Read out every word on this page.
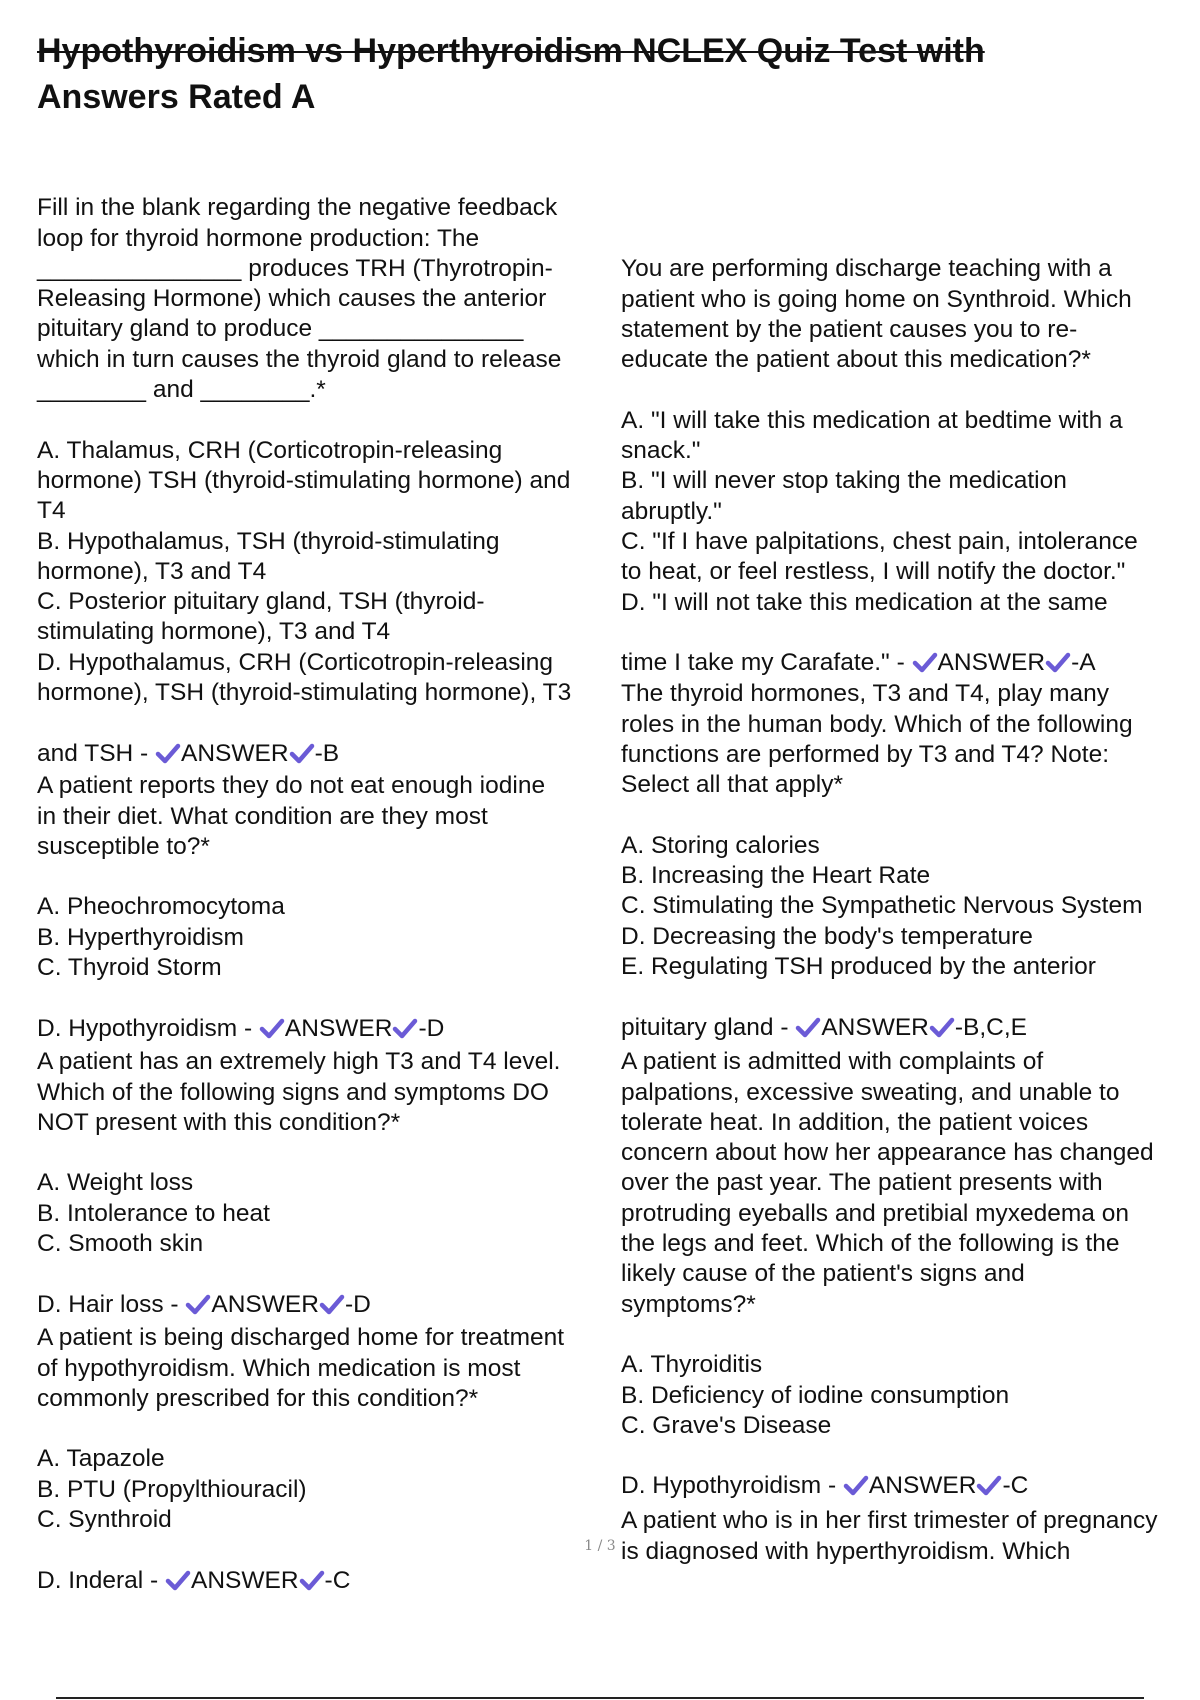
Hypothyroidism vs Hyperthyroidism NCLEX Quiz Test with
Answers Rated A

Fill in the blank regarding the negative feedback
loop for thyroid hormone production: The
_______________ produces TRH (Thyrotropin-
Releasing Hormone) which causes the anterior
pituitary gland to produce _______________
which in turn causes the thyroid gland to release
________ and ________.*

A. Thalamus, CRH (Corticotropin-releasing
hormone) TSH (thyroid-stimulating hormone) and
T4
B. Hypothalamus, TSH (thyroid-stimulating
hormone), T3 and T4
C. Posterior pituitary gland, TSH (thyroid-
stimulating hormone), T3 and T4
D. Hypothalamus, CRH (Corticotropin-releasing
hormone), TSH (thyroid-stimulating hormone), T3

and TSH -
ANSWER -B

A patient reports they do not eat enough iodine
in their diet. What condition are they most
susceptible to?*

A. Pheochromocytoma
B. Hyperthyroidism
C. Thyroid Storm

D. Hypothyroidism -
ANSWER -D

A patient has an extremely high T3 and T4 level.
Which of the following signs and symptoms DO
NOT present with this condition?*

A. Weight loss
B. Intolerance to heat
C. Smooth skin

D. Hair loss -
ANSWER -D

A patient is being discharged home for treatment
of hypothyroidism. Which medication is most
commonly prescribed for this condition?*

A. Tapazole
B. PTU (Propylthiouracil)
C. Synthroid

D. Inderal -
ANSWER -C

You are performing discharge teaching with a
patient who is going home on Synthroid. Which
statement by the patient causes you to re-
educate the patient about this medication?*

A. "I will take this medication at bedtime with a
snack."
B. "I will never stop taking the medication
abruptly."
C. "If I have palpitations, chest pain, intolerance
to heat, or feel restless, I will notify the doctor."
D. "I will not take this medication at the same

time I take my Carafate." -
ANSWER -A

The thyroid hormones, T3 and T4, play many
roles in the human body. Which of the following
functions are performed by T3 and T4? Note:
Select all that apply*

A. Storing calories
B. Increasing the Heart Rate
C. Stimulating the Sympathetic Nervous System
D. Decreasing the body's temperature
E. Regulating TSH produced by the anterior

pituitary gland -
ANSWER -B,C,E

A patient is admitted with complaints of
palpations, excessive sweating, and unable to
tolerate heat. In addition, the patient voices
concern about how her appearance has changed
over the past year. The patient presents with
protruding eyeballs and pretibial myxedema on
the legs and feet. Which of the following is the
likely cause of the patient's signs and
symptoms?*

A. Thyroiditis
B. Deficiency of iodine consumption
C. Grave's Disease

D. Hypothyroidism -
ANSWER -C

A patient who is in her first trimester of pregnancy
is diagnosed with hyperthyroidism. Which

1 / 3
